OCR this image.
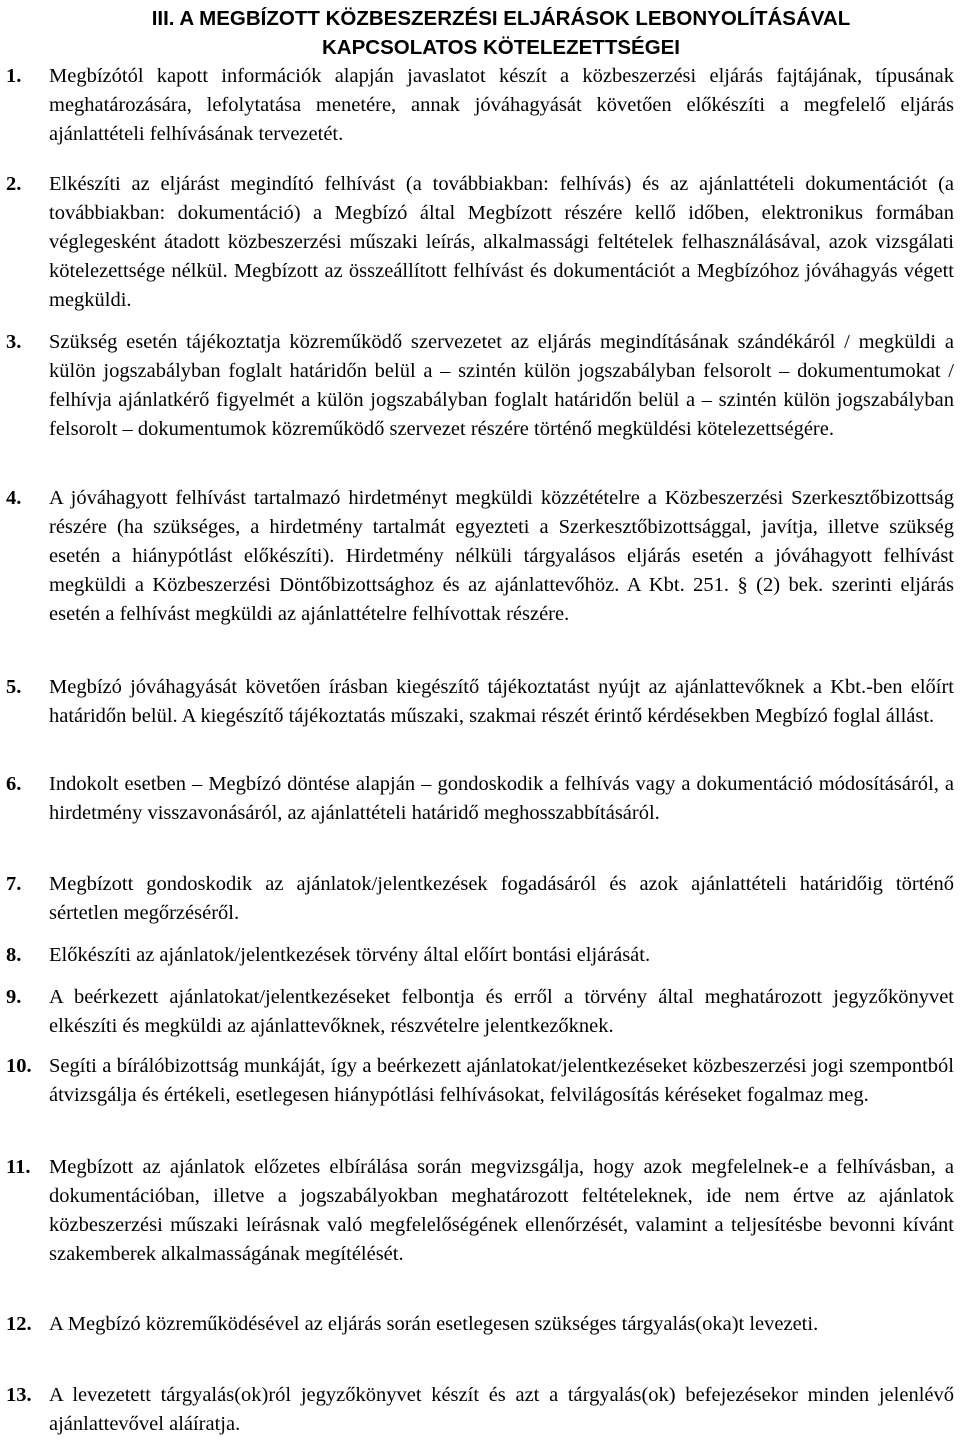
III. A MEGBÍZOTT KÖZBESZERZÉSI ELJÁRÁSOK LEBONYOLÍTÁSÁVAL
KAPCSOLATOS KÖTELEZETTSÉGEI
1. Megbízótól kapott információk alapján javaslatot készít a közbeszerzési eljárás fajtájának, típusának meghatározására, lefolytatása menetére, annak jóváhagyását követően előkészíti a megfelelő eljárás ajánlattételi felhívásának tervezetét.
2. Elkészíti az eljárást megindító felhívást (a továbbiakban: felhívás) és az ajánlattételi dokumentációt (a továbbiakban: dokumentáció) a Megbízó által Megbízott részére kellő időben, elektronikus formában véglegesként átadott közbeszerzési műszaki leírás, alkalmassági feltételek felhasználásával, azok vizsgálati kötelezettsége nélkül. Megbízott az összeállított felhívást és dokumentációt a Megbízóhoz jóváhagyás végett megküldi.
3. Szükség esetén tájékoztatja közreműködő szervezetet az eljárás megindításának szándékáról / megküldi a külön jogszabályban foglalt határidőn belül a – szintén külön jogszabályban felsorolt – dokumentumokat / felhívja ajánlatkérő figyelmét a külön jogszabályban foglalt határidőn belül a – szintén külön jogszabályban felsorolt – dokumentumok közreműködő szervezet részére történő megküldési kötelezettségére.
4. A jóváhagyott felhívást tartalmazó hirdetményt megküldi közzétételre a Közbeszerzési Szerkesztőbizottság részére (ha szükséges, a hirdetmény tartalmát egyezteti a Szerkesztőbizottsággal, javítja, illetve szükség esetén a hiánypótlást előkészíti). Hirdetmény nélküli tárgyalásos eljárás esetén a jóváhagyott felhívást megküldi a Közbeszerzési Döntőbizottsághoz és az ajánlattevőhöz. A Kbt. 251. § (2) bek. szerinti eljárás esetén a felhívást megküldi az ajánlattételre felhívottak részére.
5. Megbízó jóváhagyását követően írásban kiegészítő tájékoztatást nyújt az ajánlattevőknek a Kbt.-ben előírt határidőn belül. A kiegészítő tájékoztatás műszaki, szakmai részét érintő kérdésekben Megbízó foglal állást.
6. Indokolt esetben – Megbízó döntése alapján – gondoskodik a felhívás vagy a dokumentáció módosításáról, a hirdetmény visszavonásáról, az ajánlattételi határidő meghosszabbításáról.
7. Megbízott gondoskodik az ajánlatok/jelentkezések fogadásáról és azok ajánlattételi határidőig történő sértetlen megőrzéséről.
8. Előkészíti az ajánlatok/jelentkezések törvény által előírt bontási eljárását.
9. A beérkezett ajánlatokat/jelentkezéseket felbontja és erről a törvény által meghatározott jegyzőkönyvet elkészíti és megküldi az ajánlattevőknek, részvételre jelentkezőknek.
10. Segíti a bírálóbizottság munkáját, így a beérkezett ajánlatokat/jelentkezéseket közbeszerzési jogi szempontból átvizsgálja és értékeli, esetlegesen hiánypótlási felhívásokat, felvilágosítás kéréseket fogalmaz meg.
11. Megbízott az ajánlatok előzetes elbírálása során megvizsgálja, hogy azok megfelelnek-e a felhívásban, a dokumentációban, illetve a jogszabályokban meghatározott feltételeknek, ide nem értve az ajánlatok közbeszerzési műszaki leírásnak való megfelelőségének ellenőrzését, valamint a teljesítésbe bevonni kívánt szakemberek alkalmasságának megítélését.
12. A Megbízó közreműködésével az eljárás során esetlegesen szükséges tárgyalás(oka)t levezeti.
13. A levezetett tárgyalás(ok)ról jegyzőkönyvet készít és azt a tárgyalás(ok) befejezésekor minden jelenlévő ajánlattevővel aláíratja.
